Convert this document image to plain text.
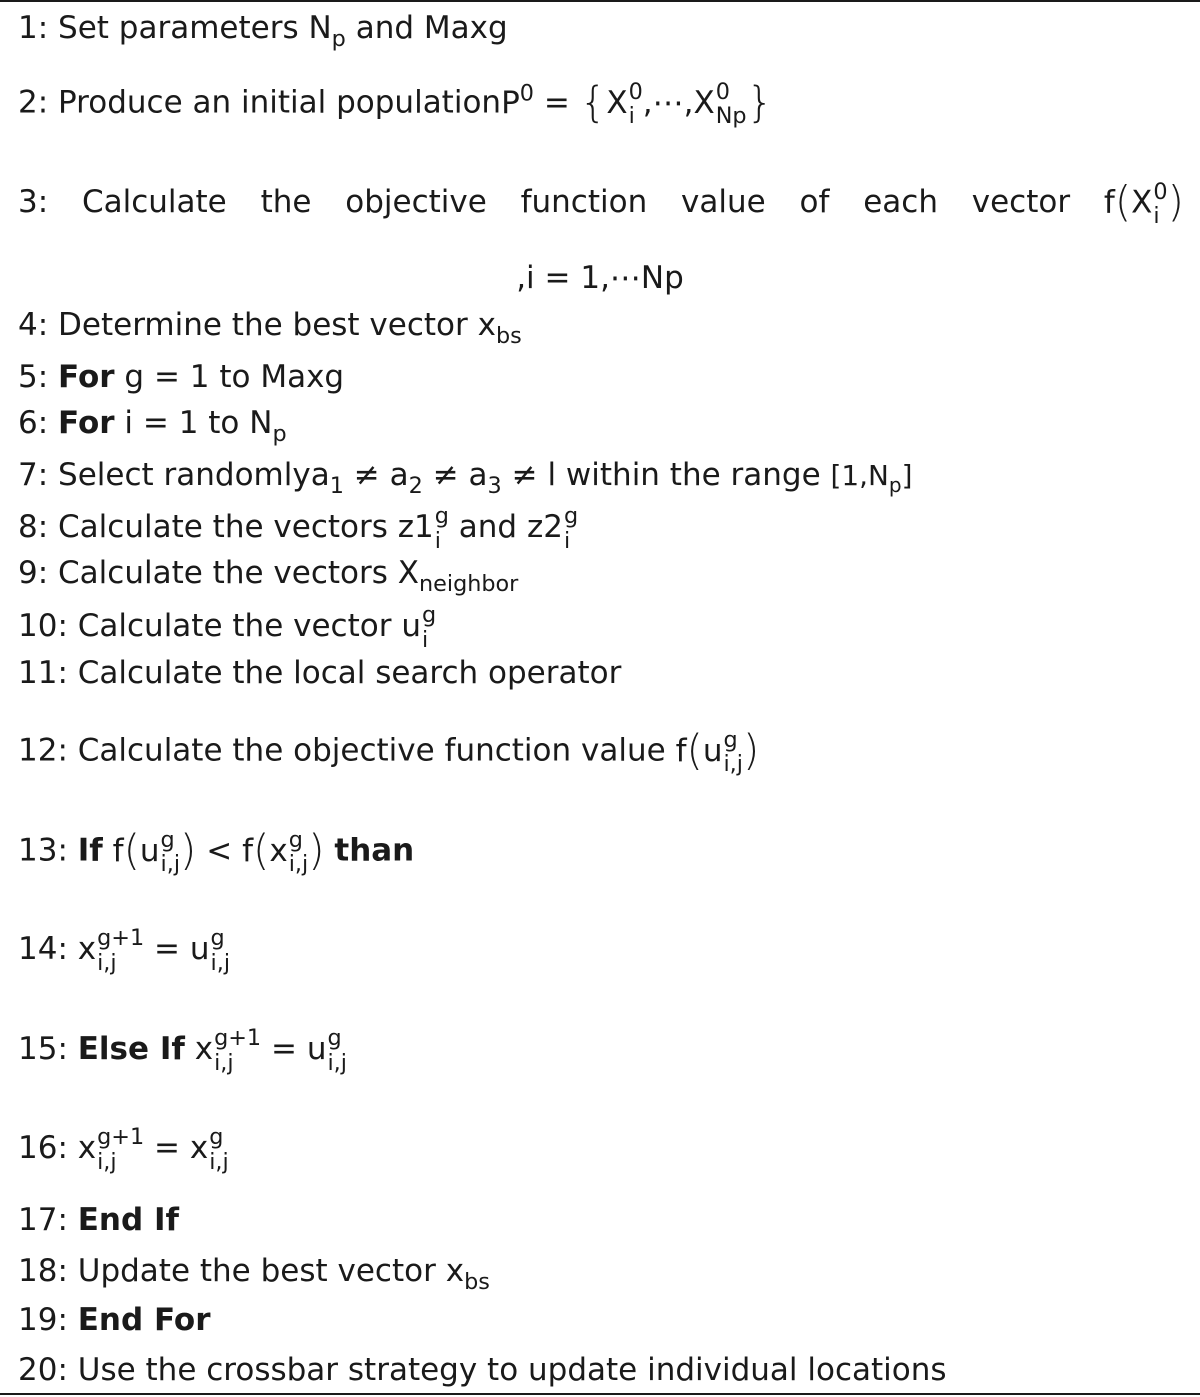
1: Set parameters $N_p$ and Maxg
2: Produce an initial populationP$^0$ = {X 0
i ,⋯,X 0
Np }
3: Calculate the objective function value of each vector f(X 0
i )
,i = 1,⋯Np
4: Determine the best vector $x_{bs}$
5: For g = 1 to Maxg
6: For i = 1 to $N_p$
7: Select randomlya$_1$ ≠ $a_2 \ne a_3 \ne l$ within the range $[1,N_p]$
8: Calculate the vectors z1 g
i and z2 g
i
9: Calculate the vectors $X_{neighbor}$
10: Calculate the vector u g
i
11: Calculate the local search operator
12: Calculate the objective function value f(u g
i,j )
13: If f(u g
i,j ) < f(x g
i,j ) than
14: x g+1
i,j	= u g
i,j
15: Else If x g+1
i,j	= u g
i,j
16: x g+1
i,j	= x g
i,j
17: End If
18: Update the best vector $x_{bs}$
19: End For
20: Use the crossbar strategy to update individual locations
